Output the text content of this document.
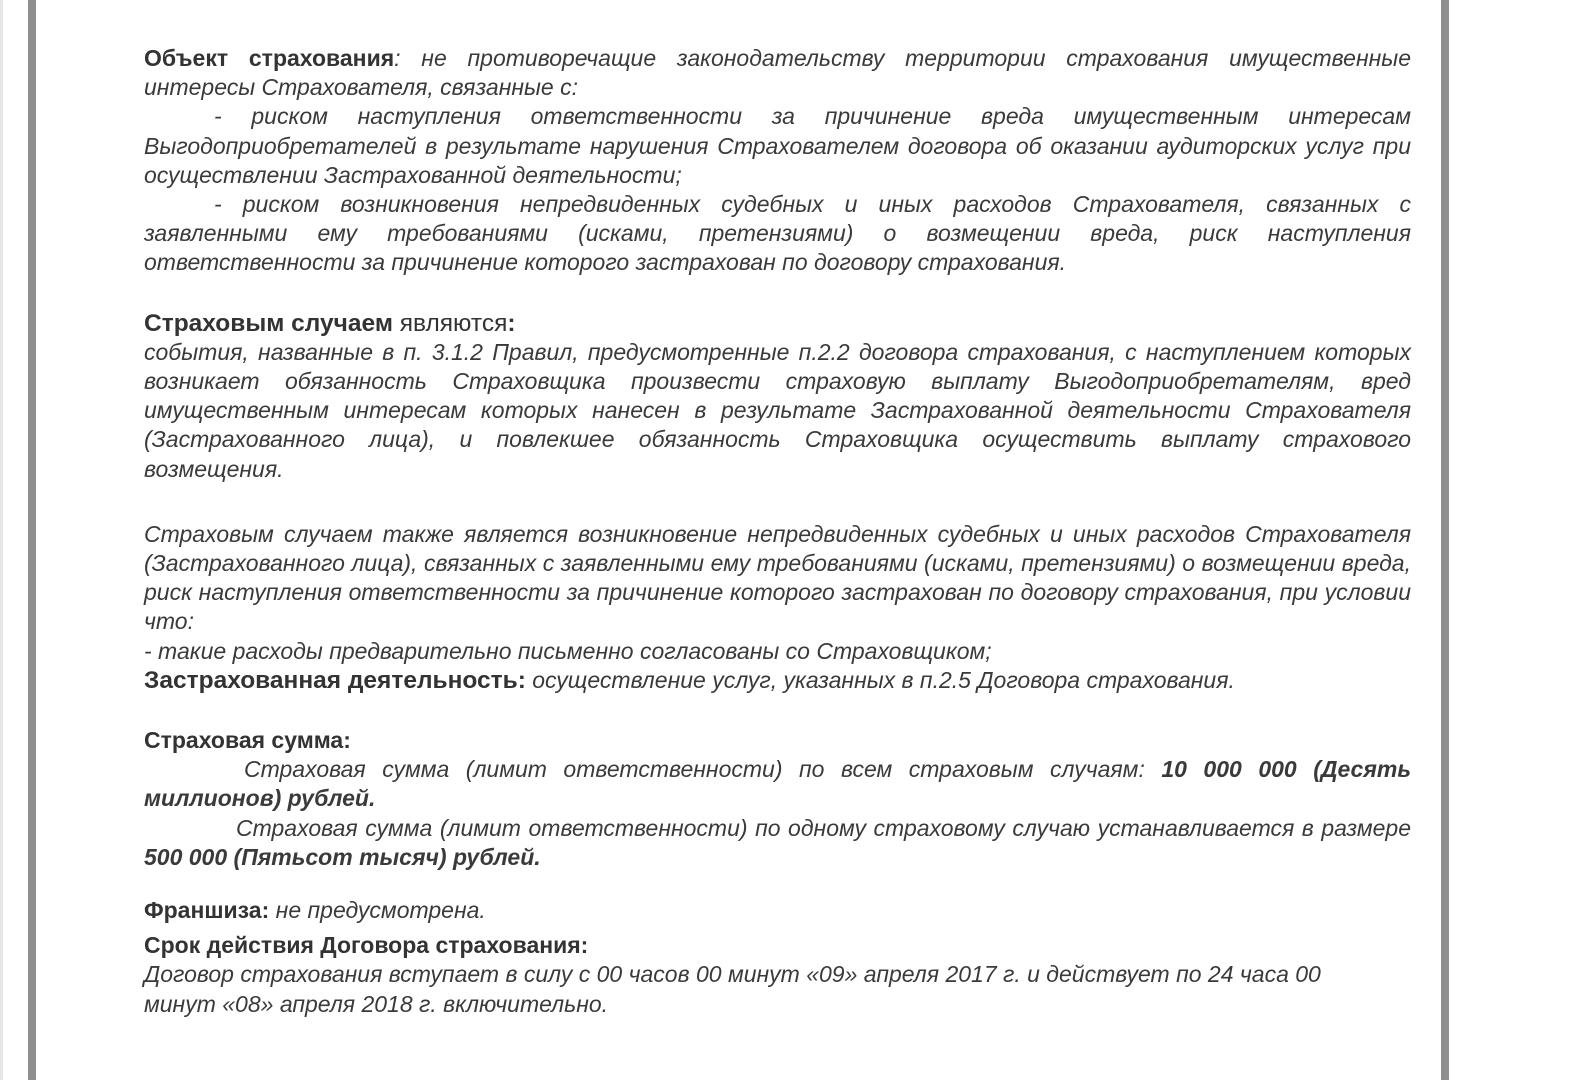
Объект страхования: не противоречащие законодательству территории страхования имущественные интересы Страхователя, связанные с:

- риском наступления ответственности за причинение вреда имущественным интересам Выгодоприобретателей в результате нарушения Страхователем договора об оказании аудиторских услуг при осуществлении Застрахованной деятельности;

- риском возникновения непредвиденных судебных и иных расходов Страхователя, связанных с заявленными ему требованиями (исками, претензиями) о возмещении вреда, риск наступления ответственности за причинение которого застрахован по договору страхования.

Страховым случаем являются:

события, названные в п. 3.1.2 Правил, предусмотренные п.2.2 договора страхования, с наступлением которых возникает обязанность Страховщика произвести страховую выплату Выгодоприобретателям, вред имущественным интересам которых нанесен в результате Застрахованной деятельности Страхователя (Застрахованного лица), и повлекшее обязанность Страховщика осуществить выплату страхового возмещения.

Страховым случаем также является возникновение непредвиденных судебных и иных расходов Страхователя (Застрахованного лица), связанных с заявленными ему требованиями (исками, претензиями) о возмещении вреда, риск наступления ответственности за причинение которого застрахован по договору страхования, при условии что:

- такие расходы предварительно письменно согласованы со Страховщиком;

Застрахованная деятельность: осуществление услуг, указанных в п.2.5 Договора страхования.

Страховая сумма:

Страховая сумма (лимит ответственности) по всем страховым случаям: 10 000 000 (Десять миллионов) рублей.

Страховая сумма (лимит ответственности) по одному страховому случаю устанавливается в размере 500 000 (Пятьсот тысяч) рублей.

Франшиза: не предусмотрена.

Срок действия Договора страхования:

Договор страхования вступает в силу с 00 часов 00 минут «09» апреля 2017 г. и действует по 24 часа 00 минут «08» апреля 2018 г. включительно.
